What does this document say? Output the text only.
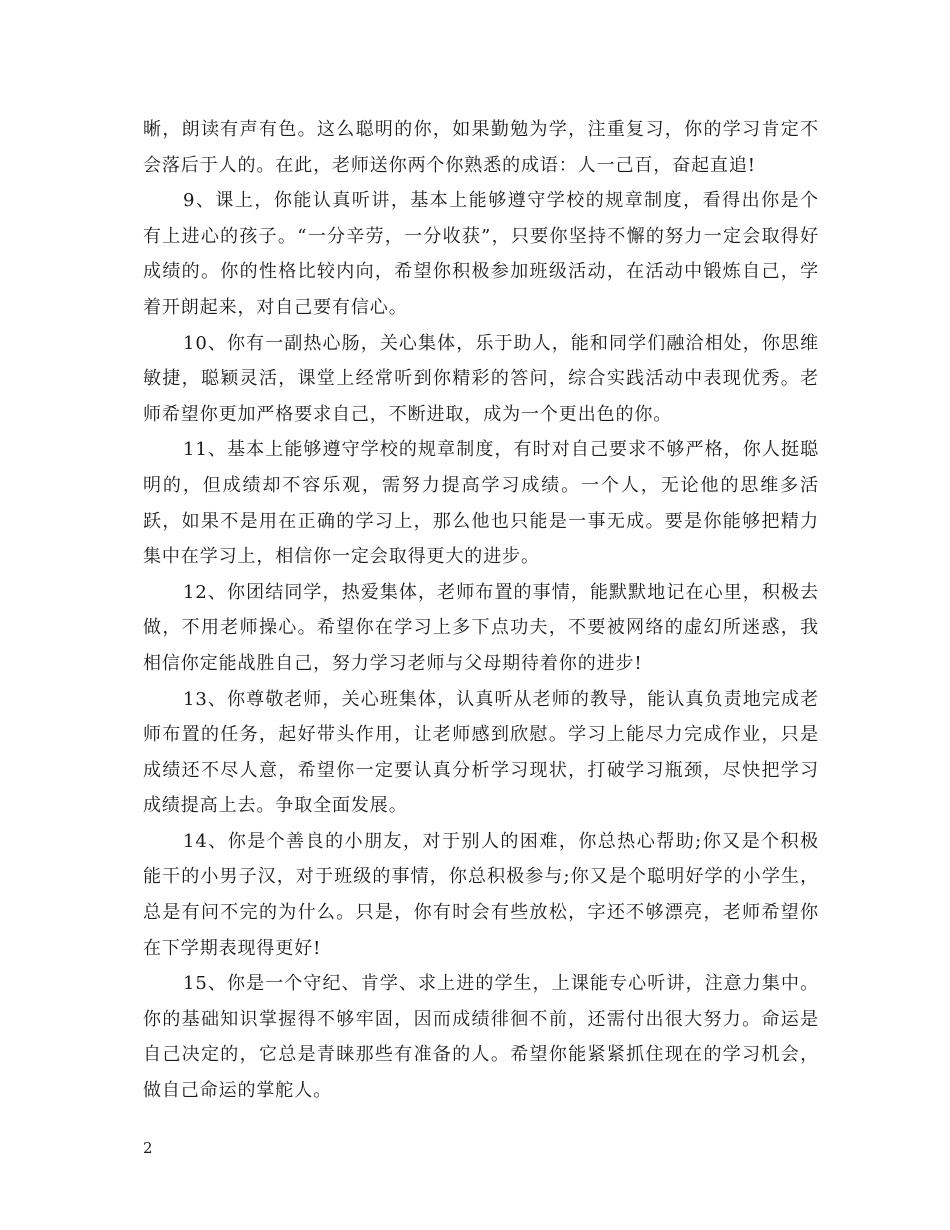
晰，朗读有声有色。这么聪明的你，如果勤勉为学，注重复习，你的学习肯定不会落后于人的。在此，老师送你两个你熟悉的成语：人一己百，奋起直追!

9、课上，你能认真听讲，基本上能够遵守学校的规章制度，看得出你是个有上进心的孩子。“一分辛劳，一分收获”，只要你坚持不懈的努力一定会取得好成绩的。你的性格比较内向，希望你积极参加班级活动，在活动中锻炼自己，学着开朗起来，对自己要有信心。

10、你有一副热心肠，关心集体，乐于助人，能和同学们融洽相处，你思维敏捷，聪颖灵活，课堂上经常听到你精彩的答问，综合实践活动中表现优秀。老师希望你更加严格要求自己，不断进取，成为一个更出色的你。

11、基本上能够遵守学校的规章制度，有时对自己要求不够严格，你人挺聪明的，但成绩却不容乐观，需努力提高学习成绩。一个人，无论他的思维多活跃，如果不是用在正确的学习上，那么他也只能是一事无成。要是你能够把精力集中在学习上，相信你一定会取得更大的进步。

12、你团结同学，热爱集体，老师布置的事情，能默默地记在心里，积极去做，不用老师操心。希望你在学习上多下点功夫，不要被网络的虚幻所迷惑，我相信你定能战胜自己，努力学习老师与父母期待着你的进步!

13、你尊敬老师，关心班集体，认真听从老师的教导，能认真负责地完成老师布置的任务，起好带头作用，让老师感到欣慰。学习上能尽力完成作业，只是成绩还不尽人意，希望你一定要认真分析学习现状，打破学习瓶颈，尽快把学习成绩提高上去。争取全面发展。

14、你是个善良的小朋友，对于别人的困难，你总热心帮助;你又是个积极能干的小男子汉，对于班级的事情，你总积极参与;你又是个聪明好学的小学生，总是有问不完的为什么。只是，你有时会有些放松，字还不够漂亮，老师希望你在下学期表现得更好!

15、你是一个守纪、肯学、求上进的学生，上课能专心听讲，注意力集中。你的基础知识掌握得不够牢固，因而成绩徘徊不前，还需付出很大努力。命运是自己决定的，它总是青睐那些有准备的人。希望你能紧紧抓住现在的学习机会，做自己命运的掌舵人。

2
